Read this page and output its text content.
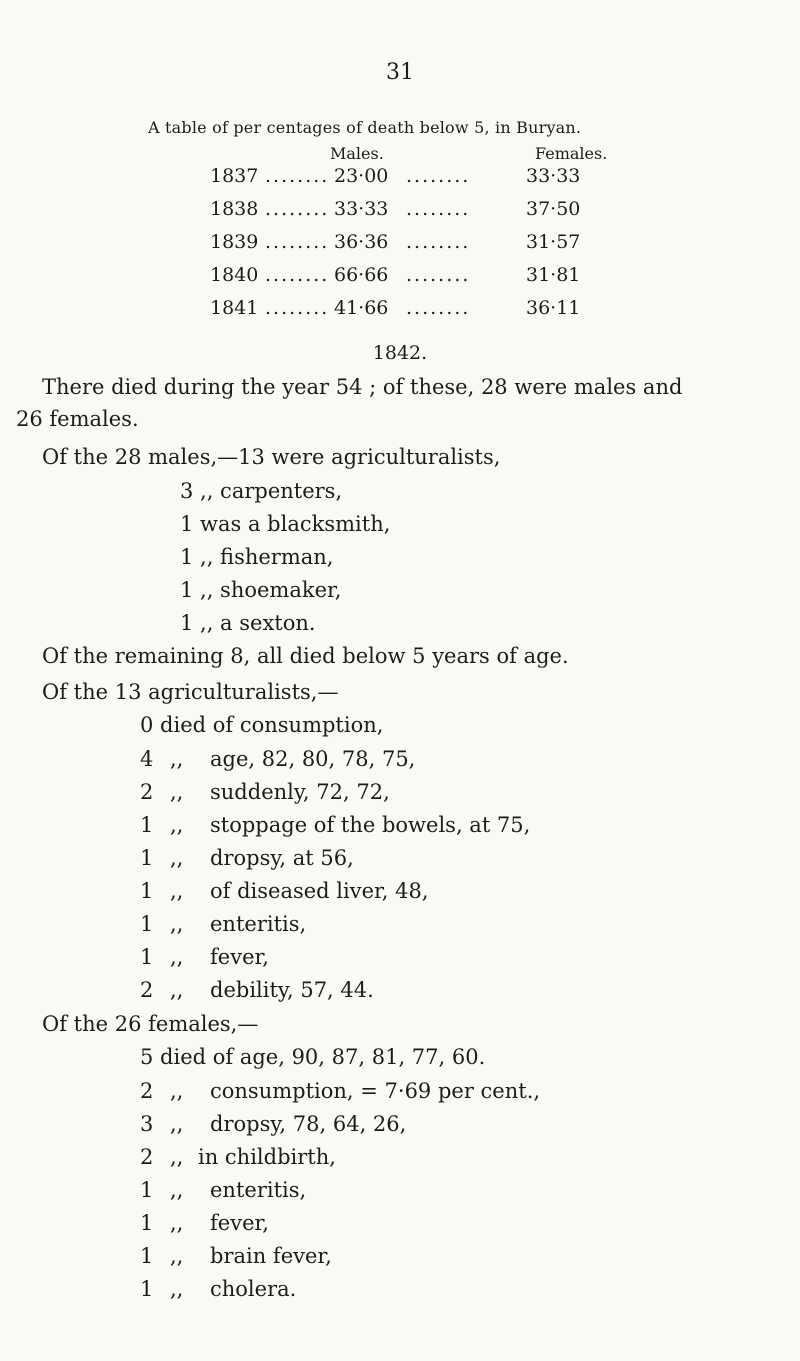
31
A table of per centages of death below 5, in Buryan.
Males.	Females.
1837 ........ 23·00 ........	33·33
1838 ........ 33·33 ........	37·50
1839 ........ 36·36 ........	31·57
1840 ........ 66·66 ........	31·81
1841 ........ 41·66 ........	36·11
1842.
There died during the year 54 ; of these, 28 were males and
26 females.
Of the 28 males,—13 were agriculturalists,
3 ,, carpenters,
1 was a blacksmith,
1 ,, fisherman,
1 ,, shoemaker,
1 ,, a sexton.
Of the remaining 8, all died below 5 years of age.
Of the 13 agriculturalists,—
0 died of consumption,
4 ,, age, 82, 80, 78, 75,
2 ,, suddenly, 72, 72,
1 ,, stoppage of the bowels, at 75,
1 ,, dropsy, at 56,
1 ,, of diseased liver, 48,
1 ,, enteritis,
1 ,, fever,
2 ,, debility, 57, 44.
Of the 26 females,—
5 died of age, 90, 87, 81, 77, 60.
2 ,, consumption, = 7·69 per cent.,
3 ,, dropsy, 78, 64, 26,
2 ,, in childbirth,
1 ,, enteritis,
1 ,, fever,
1 ,, brain fever,
1 ,, cholera.
